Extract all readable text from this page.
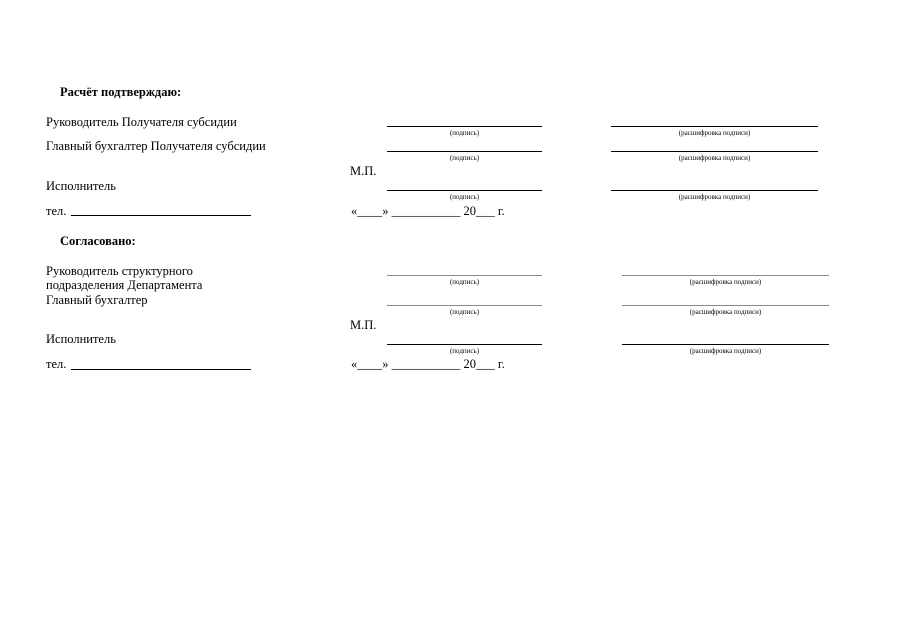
Расчёт подтверждаю:
Руководитель Получателя субсидии
(подпись)	(расшифровка подписи)
Главный бухгалтер Получателя субсидии
(подпись)	(расшифровка подписи)
М.П.
Исполнитель
(подпись)	(расшифровка подписи)
тел.	«____» ___________ 20___ г.
Согласовано:
Руководитель структурного
подразделения Департамента	(подпись)	(расшифровка подписи)
Главный бухгалтер
(подпись)	(расшифровка подписи)
М.П.
Исполнитель
(подпись)	(расшифровка подписи)
тел.	«____» ___________ 20___ г.
